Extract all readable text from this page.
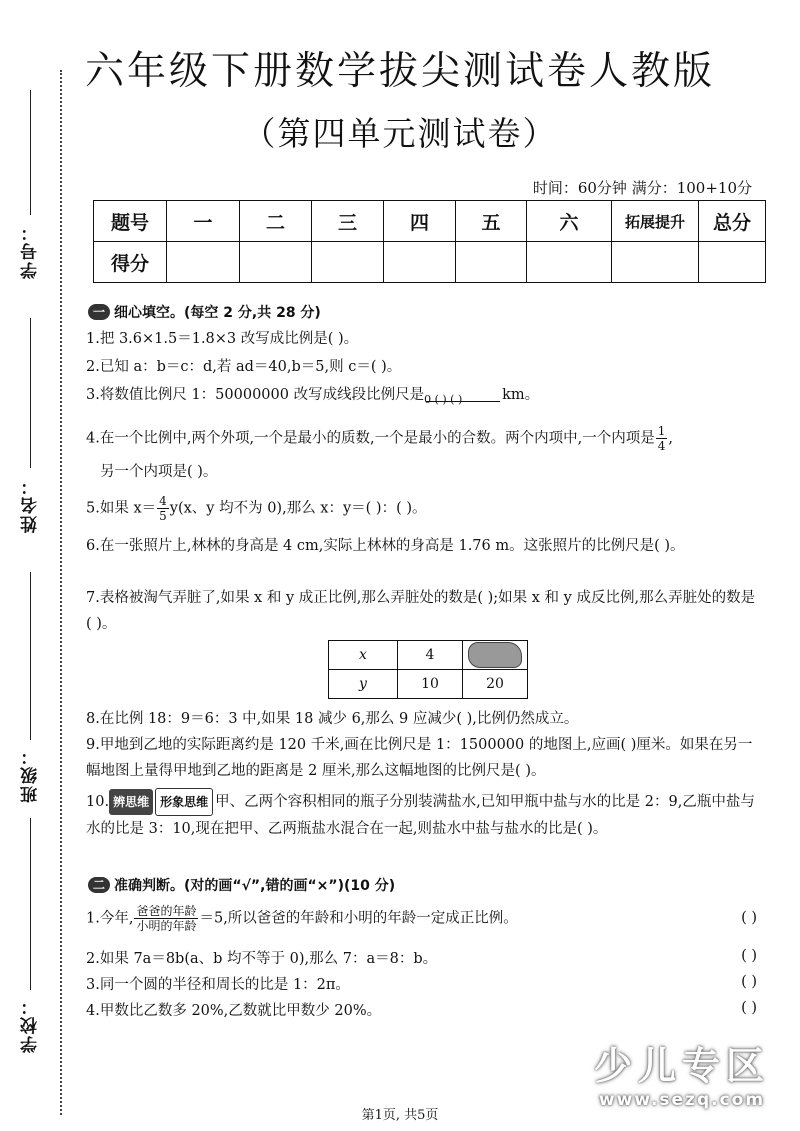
学号：
姓名：
班级：
学校：
六年级下册数学拔尖测试卷人教版
（第四单元测试卷）
时间：60分钟 满分：100+10分
题号	一	二	三	四	五	六	拓展提升	总分
得分								
一 细心填空。(每空 2 分,共 28 分)
1.把 3.6×1.5＝1.8×3 改写成比例是( )。
2.已知 a：b＝c：d,若 ad＝40,b＝5,则 c＝( )。
3.将数值比例尺 1：50000000 改写成线段比例尺是0 ( ) ( )	km。
4.在一个比例中,两个外项,一个是最小的质数,一个是最小的合数。两个内项中,一个内项是 $\frac{1}{4}$ ,
另一个内项是( )。
5.如果 $x= \frac{4}{5} y(x$、y 均不为 0),那么 x：y＝( )：( )。
6.在一张照片上,林林的身高是 4 cm,实际上林林的身高是 1.76 m。这张照片的比例尺是( )。
7.表格被淘气弄脏了,如果 x 和 y 成正比例,那么弄脏处的数是( );如果 x 和 y 成反比例,那么弄脏处的数是( )。
x	4	
y	10	20
8.在比例 18：9＝6：3 中,如果 18 减少 6,那么 9 应减少( ),比例仍然成立。
9.甲地到乙地的实际距离约是 120 千米,画在比例尺是 1：1500000 的地图上,应画( )厘米。如果在另一幅地图上量得甲地到乙地的距离是 2 厘米,那么这幅地图的比例尺是( )。
10. 辨思维 形象思维 甲、乙两个容积相同的瓶子分别装满盐水,已知甲瓶中盐与水的比是 2：9,乙瓶中盐与水的比是 3：10,现在把甲、乙两瓶盐水混合在一起,则盐水中盐与盐水的比是( )。
二 准确判断。(对的画“√”,错的画“×”)(10 分)
1.今年, $\frac{\text{爸爸的年龄}}{\text{小明的年龄}} =5$,所以爸爸的年龄和小明的年龄一定成正比例。	( )
2.如果 7a＝8b(a、b 均不等于 0),那么 7：a＝8：b。	( )
3.同一个圆的半径和周长的比是 1：2π。	( )
4.甲数比乙数多 20%,乙数就比甲数少 20%。	( )
少儿专区
www.sezq.com
第1页, 共5页
